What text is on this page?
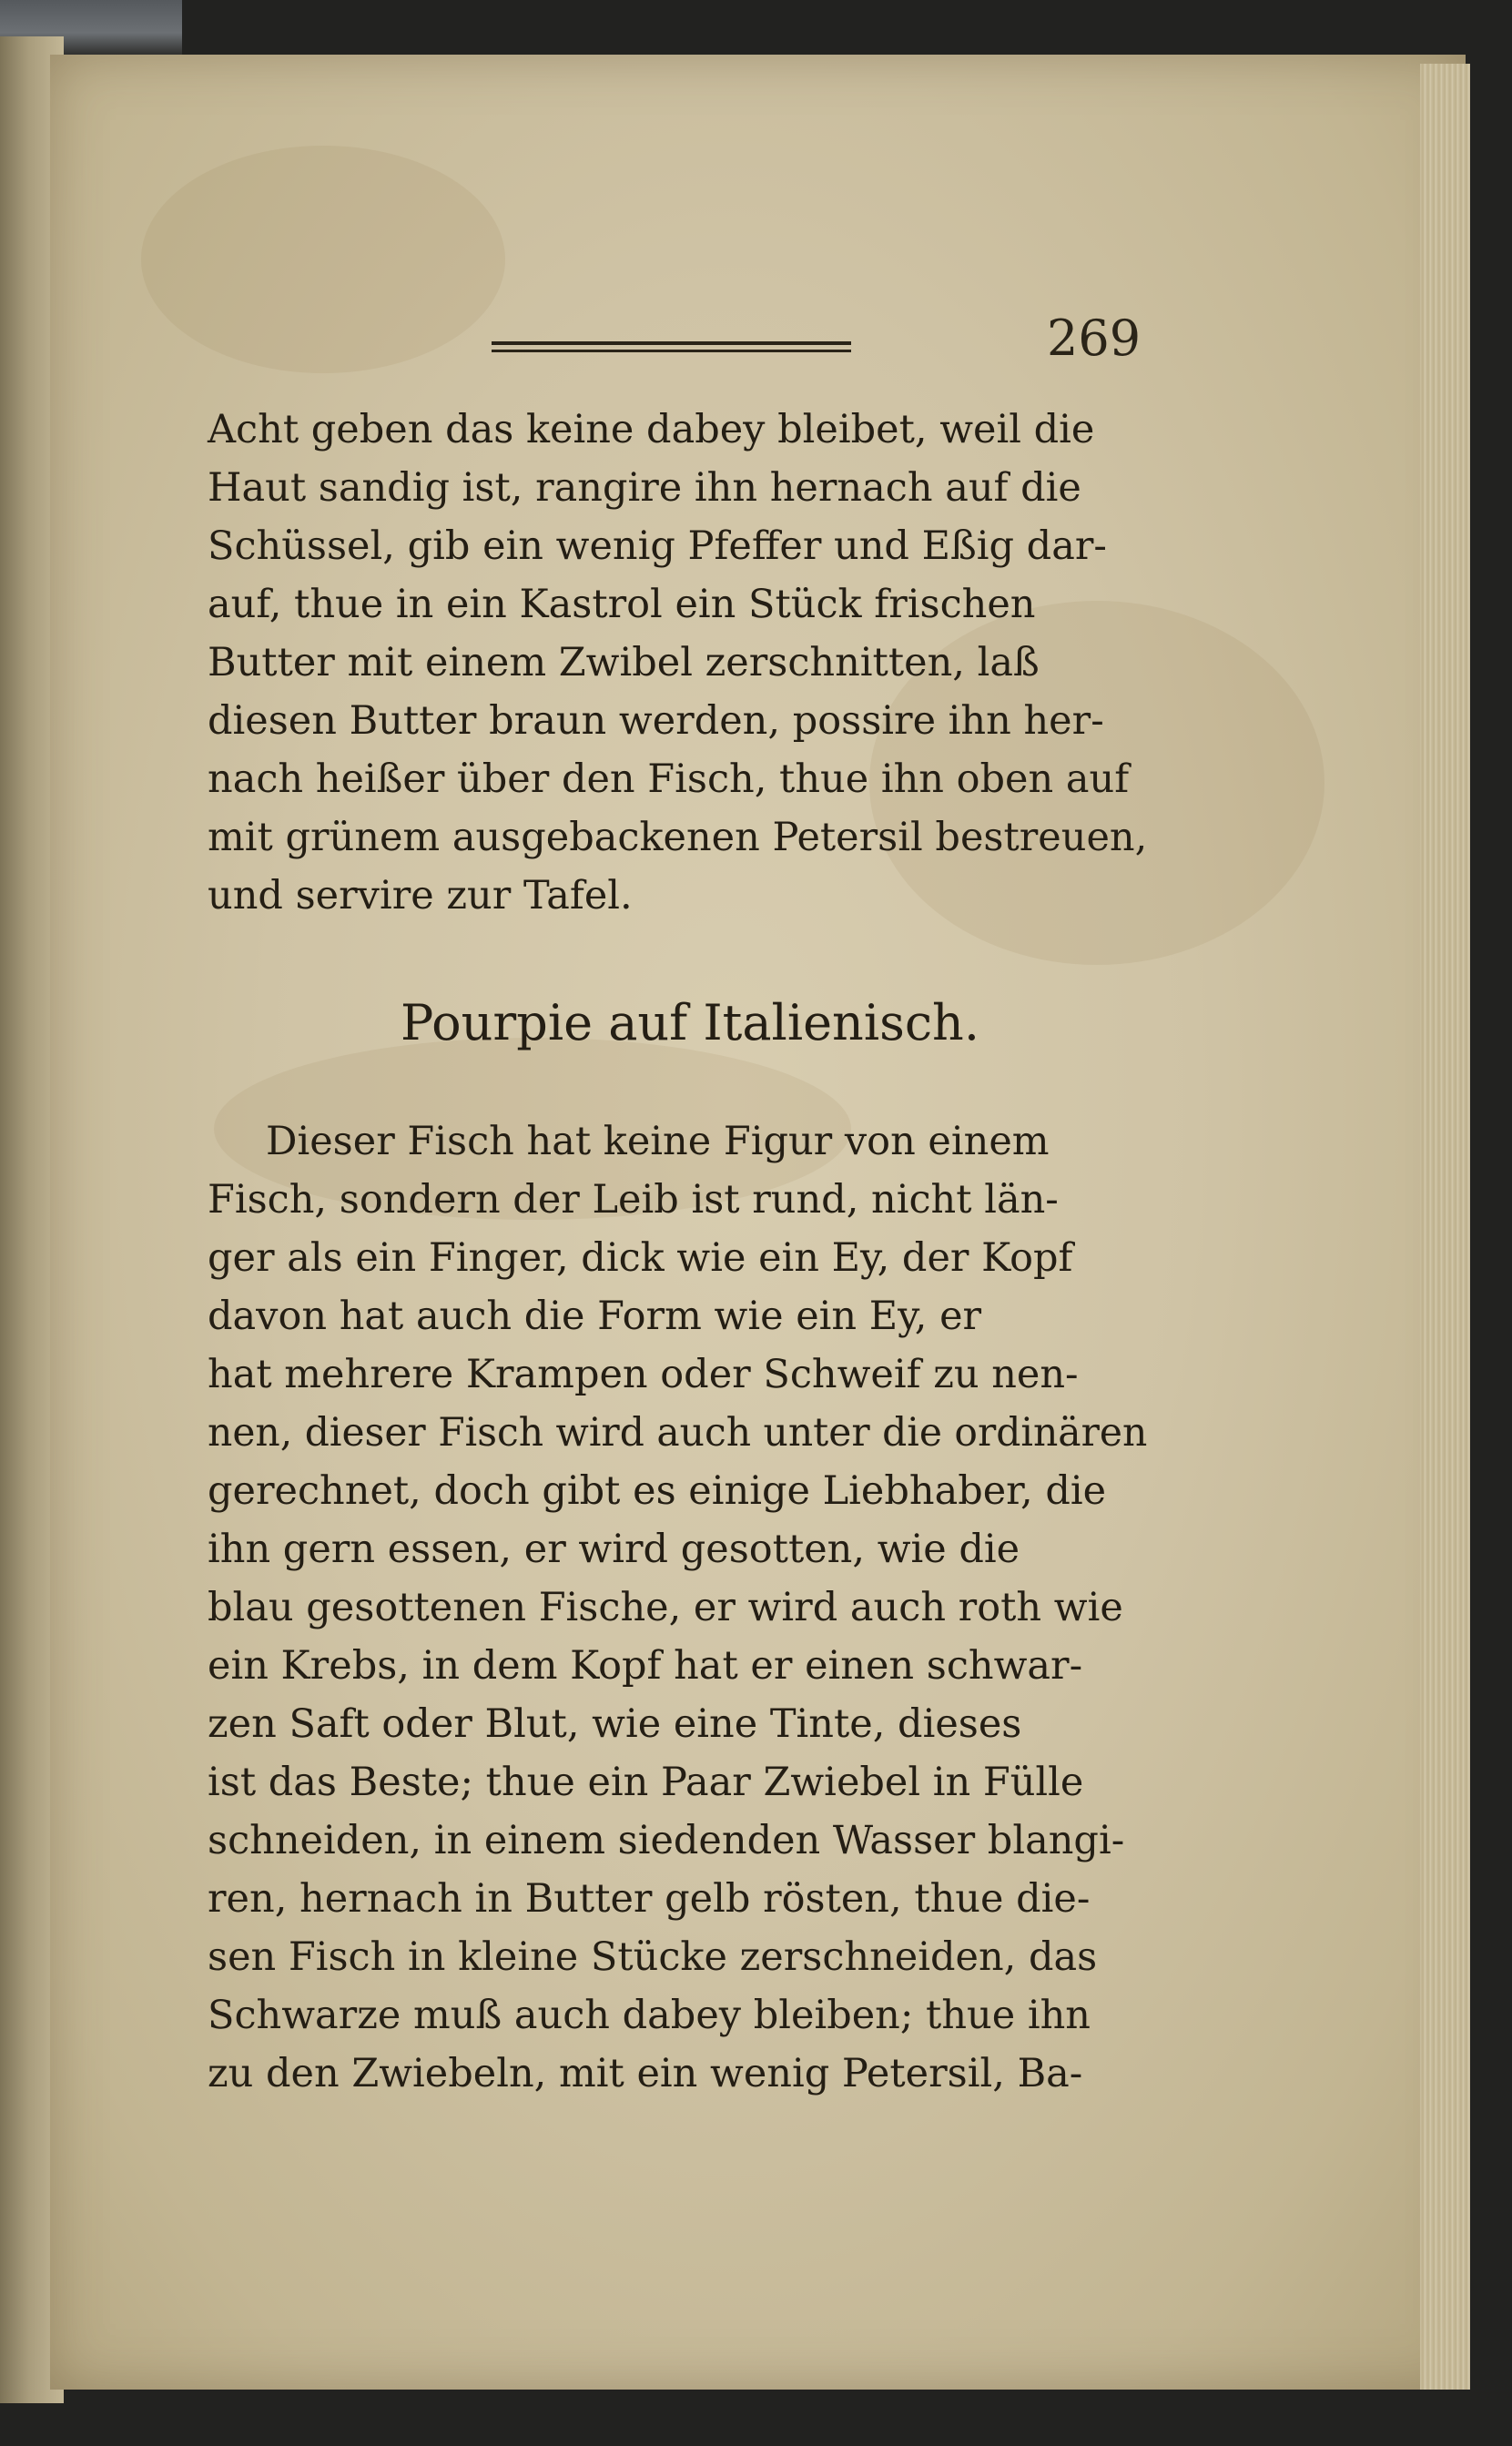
269
Acht geben das keine dabey bleibet, weil die
Haut sandig ist, rangire ihn hernach auf die
Schüssel, gib ein wenig Pfeffer und Eßig dar-
auf, thue in ein Kastrol ein Stück frischen
Butter mit einem Zwibel zerschnitten, laß
diesen Butter braun werden, possire ihn her-
nach heißer über den Fisch, thue ihn oben auf
mit grünem ausgebackenen Petersil bestreuen,
und servire zur Tafel.
Pourpie auf Italienisch.
Dieser Fisch hat keine Figur von einem
Fisch, sondern der Leib ist rund, nicht län-
ger als ein Finger, dick wie ein Ey, der Kopf
davon hat auch die Form wie ein Ey, er
hat mehrere Krampen oder Schweif zu nen-
nen, dieser Fisch wird auch unter die ordinären
gerechnet, doch gibt es einige Liebhaber, die
ihn gern essen, er wird gesotten, wie die
blau gesottenen Fische, er wird auch roth wie
ein Krebs, in dem Kopf hat er einen schwar-
zen Saft oder Blut, wie eine Tinte, dieses
ist das Beste; thue ein Paar Zwiebel in Fülle
schneiden, in einem siedenden Wasser blangi-
ren, hernach in Butter gelb rösten, thue die-
sen Fisch in kleine Stücke zerschneiden, das
Schwarze muß auch dabey bleiben; thue ihn
zu den Zwiebeln, mit ein wenig Petersil, Ba-
